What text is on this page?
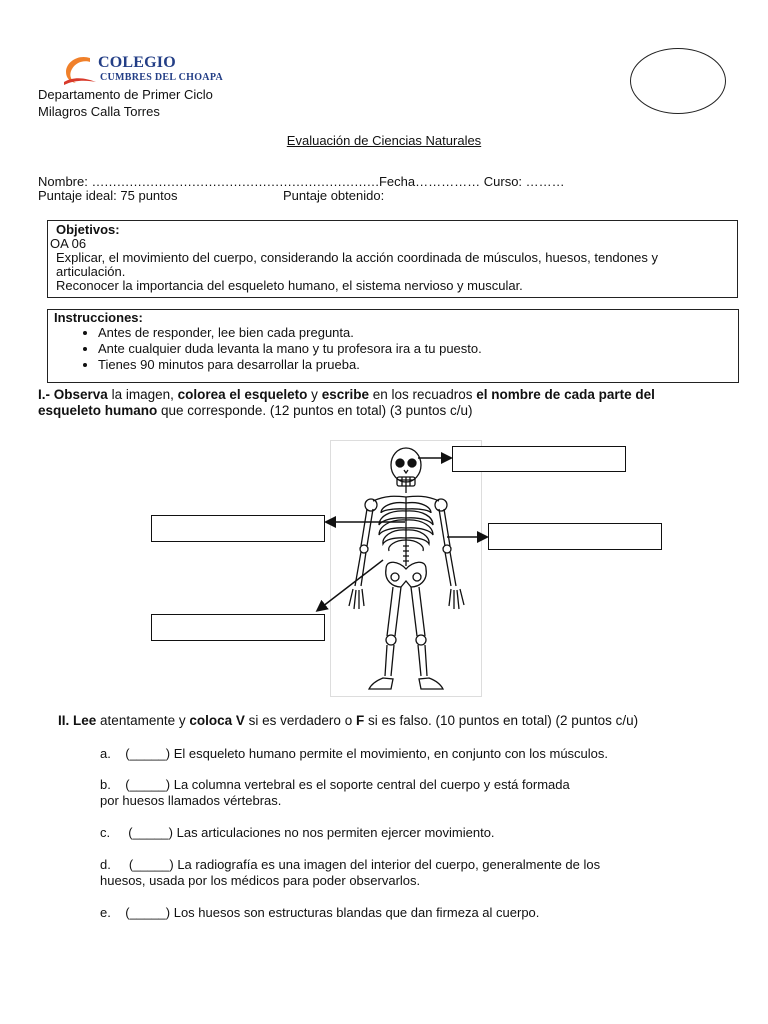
COLEGIO
CUMBRES DEL CHOAPA
Departamento de Primer Ciclo
Milagros Calla Torres
Evaluación de Ciencias Naturales
Nombre: ……………………………………………………………Fecha…………… Curso: ………
Puntaje ideal: 75 puntos	Puntaje obtenido:

Objetivos:

OA 06

Explicar, el movimiento del cuerpo, considerando la acción coordinada de músculos, huesos, tendones y

articulación.

Reconocer la importancia del esqueleto humano, el sistema nervioso y muscular.

Instrucciones:
• Antes de responder, lee bien cada pregunta.
• Ante cualquier duda levanta la mano y tu profesora ira a tu puesto.
• Tienes 90 minutos para desarrollar la prueba.
I.- Observa la imagen, colorea el esqueleto y escribe en los recuadros el nombre de cada parte del
esqueleto humano que corresponde. (12 puntos en total) (3 puntos c/u)
II. Lee atentamente y coloca V si es verdadero o F si es falso. (10 puntos en total) (2 puntos c/u)
a. (_____) El esqueleto humano permite el movimiento, en conjunto con los músculos.
b. (_____) La columna vertebral es el soporte central del cuerpo y está formada
por huesos llamados vértebras.
c. (_____) Las articulaciones no nos permiten ejercer movimiento.
d. (_____) La radiografía es una imagen del interior del cuerpo, generalmente de los
huesos, usada por los médicos para poder observarlos.
e. (_____) Los huesos son estructuras blandas que dan firmeza al cuerpo.
